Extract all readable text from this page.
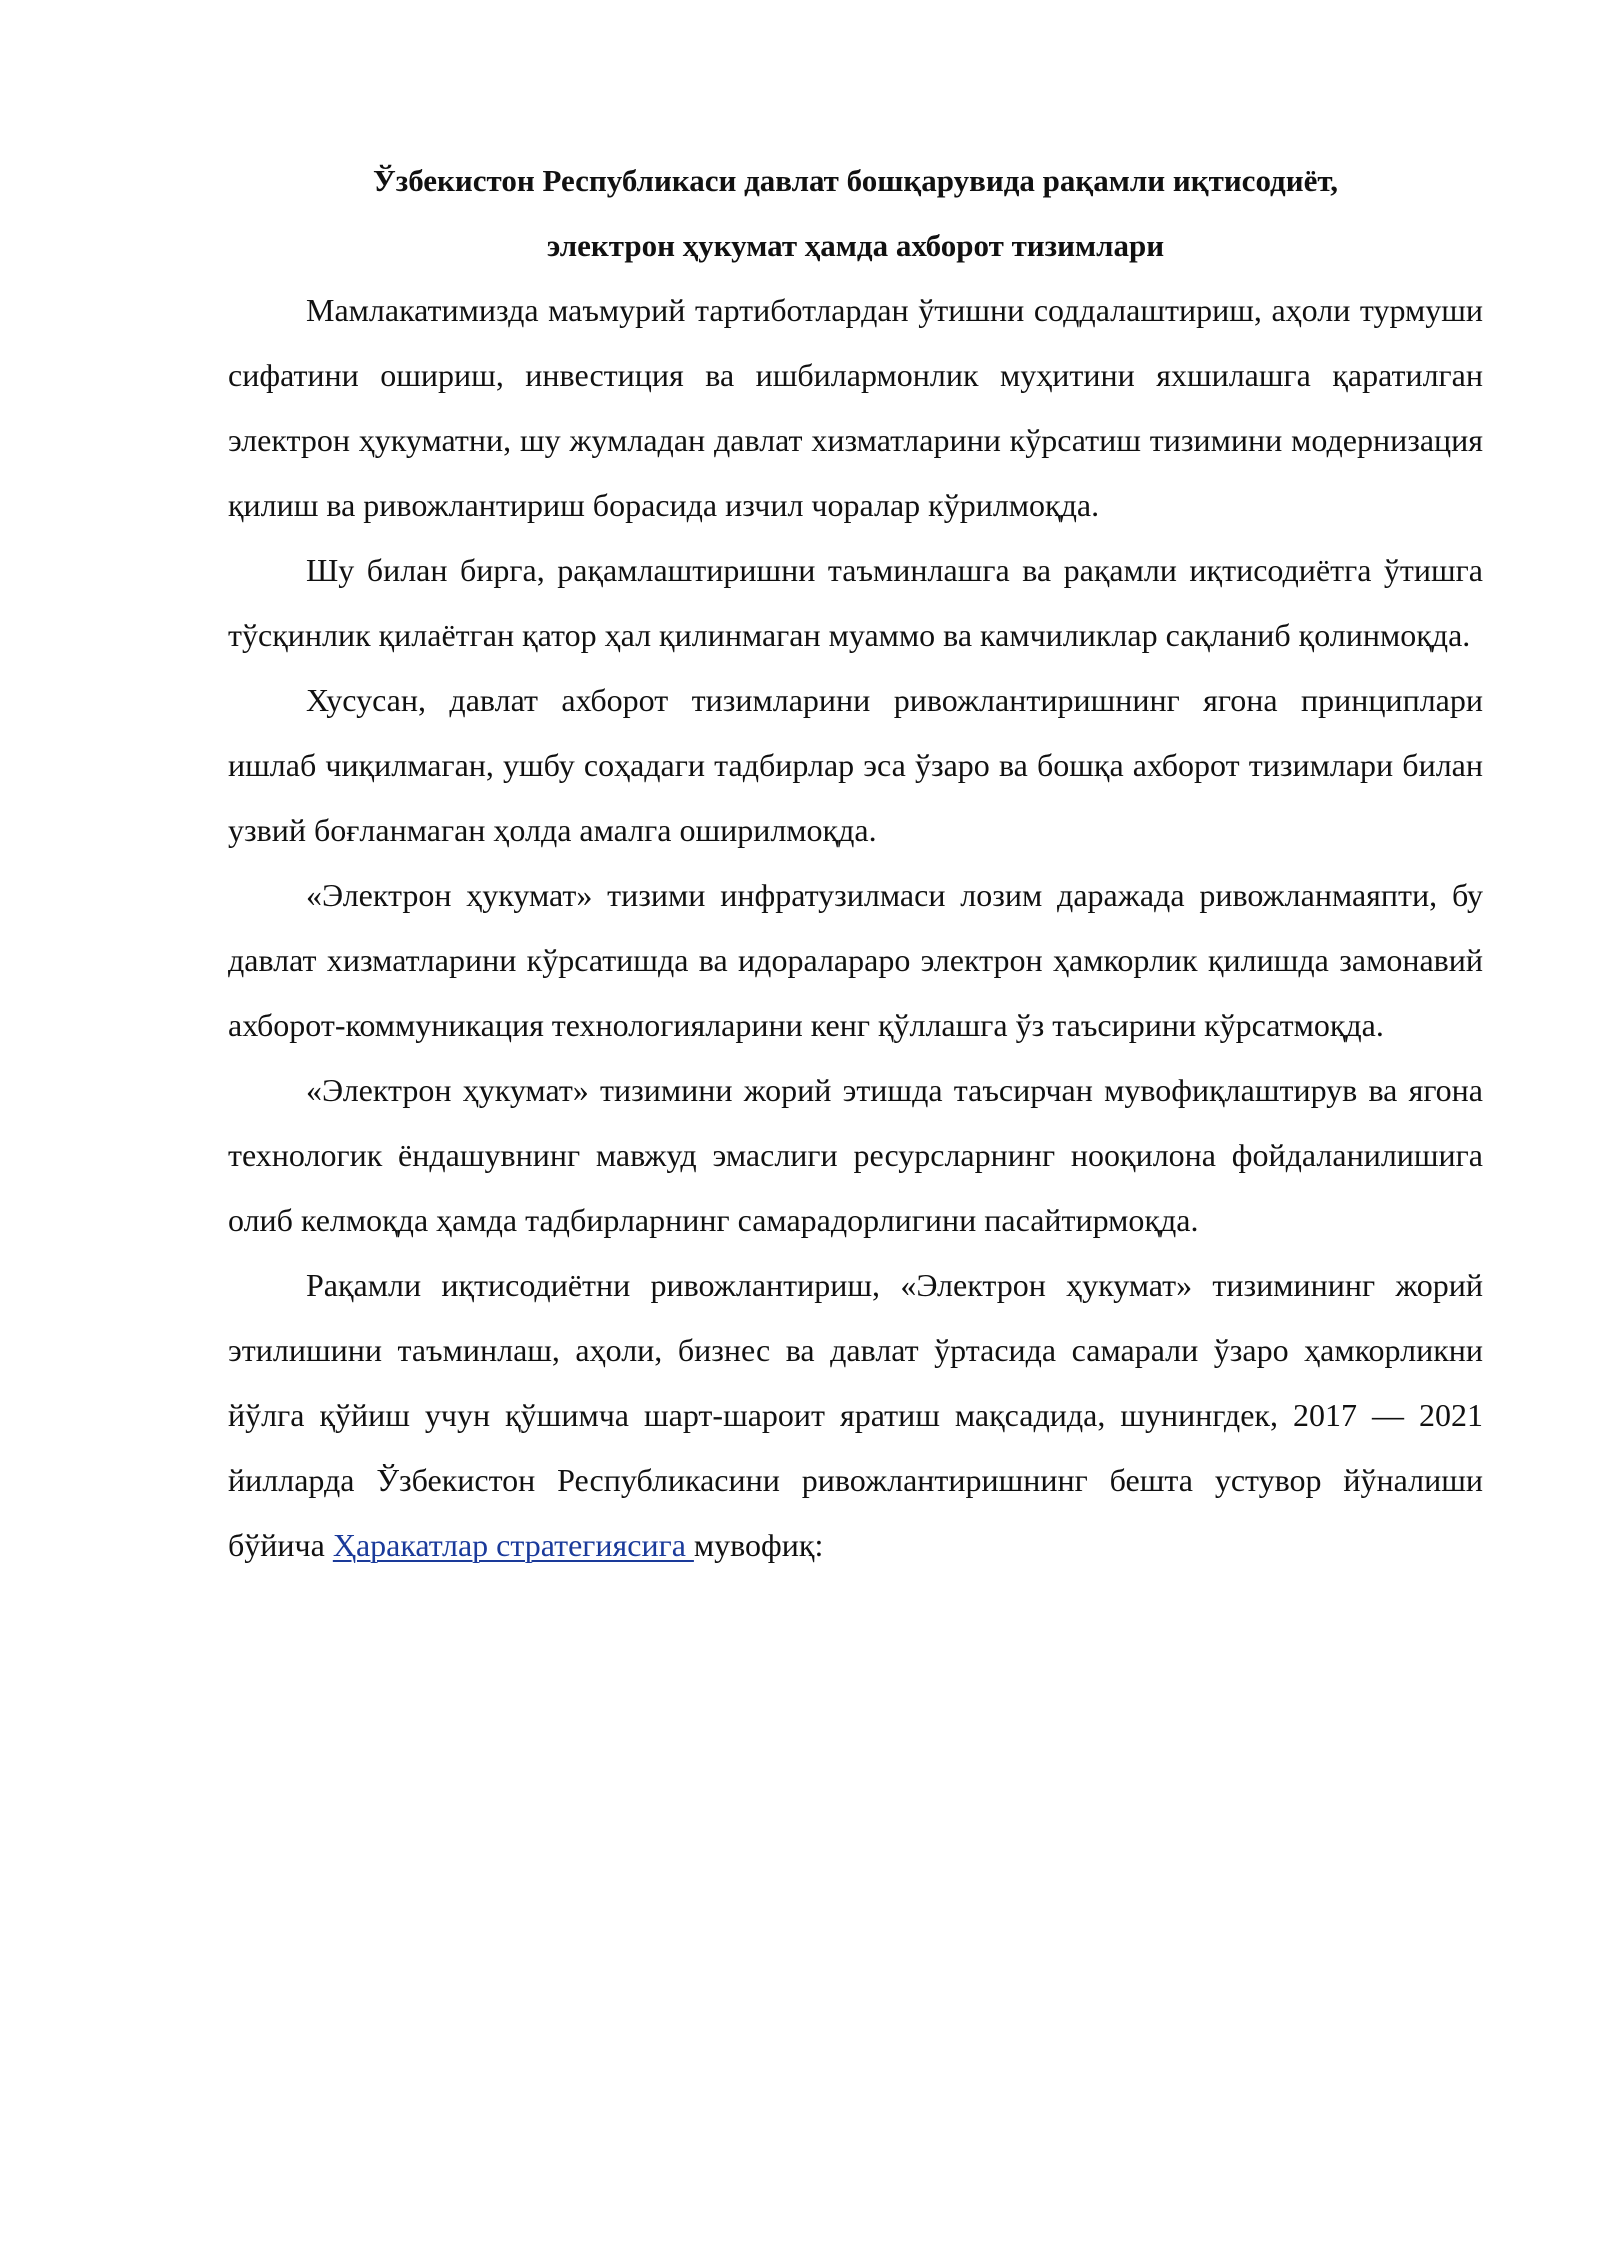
Ўзбекистон Республикаси давлат бошқарувида рақамли иқтисодиёт,

электрон ҳукумат ҳамда ахборот тизимлари

Мамлакатимизда маъмурий тартиботлардан ўтишни соддалаштириш, аҳоли турмуши сифатини ошириш, инвестиция ва ишбилармонлик муҳитини яхшилашга қаратилган электрон ҳукуматни, шу жумладан давлат хизматларини кўрсатиш тизимини модернизация қилиш ва ривожлантириш борасида изчил чоралар кўрилмоқда.

Шу билан бирга, рақамлаштиришни таъминлашга ва рақамли иқтисодиётга ўтишга тўсқинлик қилаётган қатор ҳал қилинмаган муаммо ва камчиликлар сақланиб қолинмоқда.

Хусусан, давлат ахборот тизимларини ривожлантиришнинг ягона принциплари ишлаб чиқилмаган, ушбу соҳадаги тадбирлар эса ўзаро ва бошқа ахборот тизимлари билан узвий боғланмаган ҳолда амалга оширилмоқда.

«Электрон ҳукумат» тизими инфратузилмаси лозим даражада ривожланмаяпти, бу давлат хизматларини кўрсатишда ва идоралараро электрон ҳамкорлик қилишда замонавий ахборот-коммуникация технологияларини кенг қўллашга ўз таъсирини кўрсатмоқда.

«Электрон ҳукумат» тизимини жорий этишда таъсирчан мувофиқлаштирув ва ягона технологик ёндашувнинг мавжуд эмаслиги ресурсларнинг нооқилона фойдаланилишига олиб келмоқда ҳамда тадбирларнинг самарадорлигини пасайтирмоқда.

Рақамли иқтисодиётни ривожлантириш, «Электрон ҳукумат» тизимининг жорий этилишини таъминлаш, аҳоли, бизнес ва давлат ўртасида самарали ўзаро ҳамкорликни йўлга қўйиш учун қўшимча шарт-шароит яратиш мақсадида, шунингдек, 2017 — 2021 йилларда Ўзбекистон Республикасини ривожлантиришнинг бешта устувор йўналиши бўйича Ҳаракатлар стратегиясига мувофиқ:
